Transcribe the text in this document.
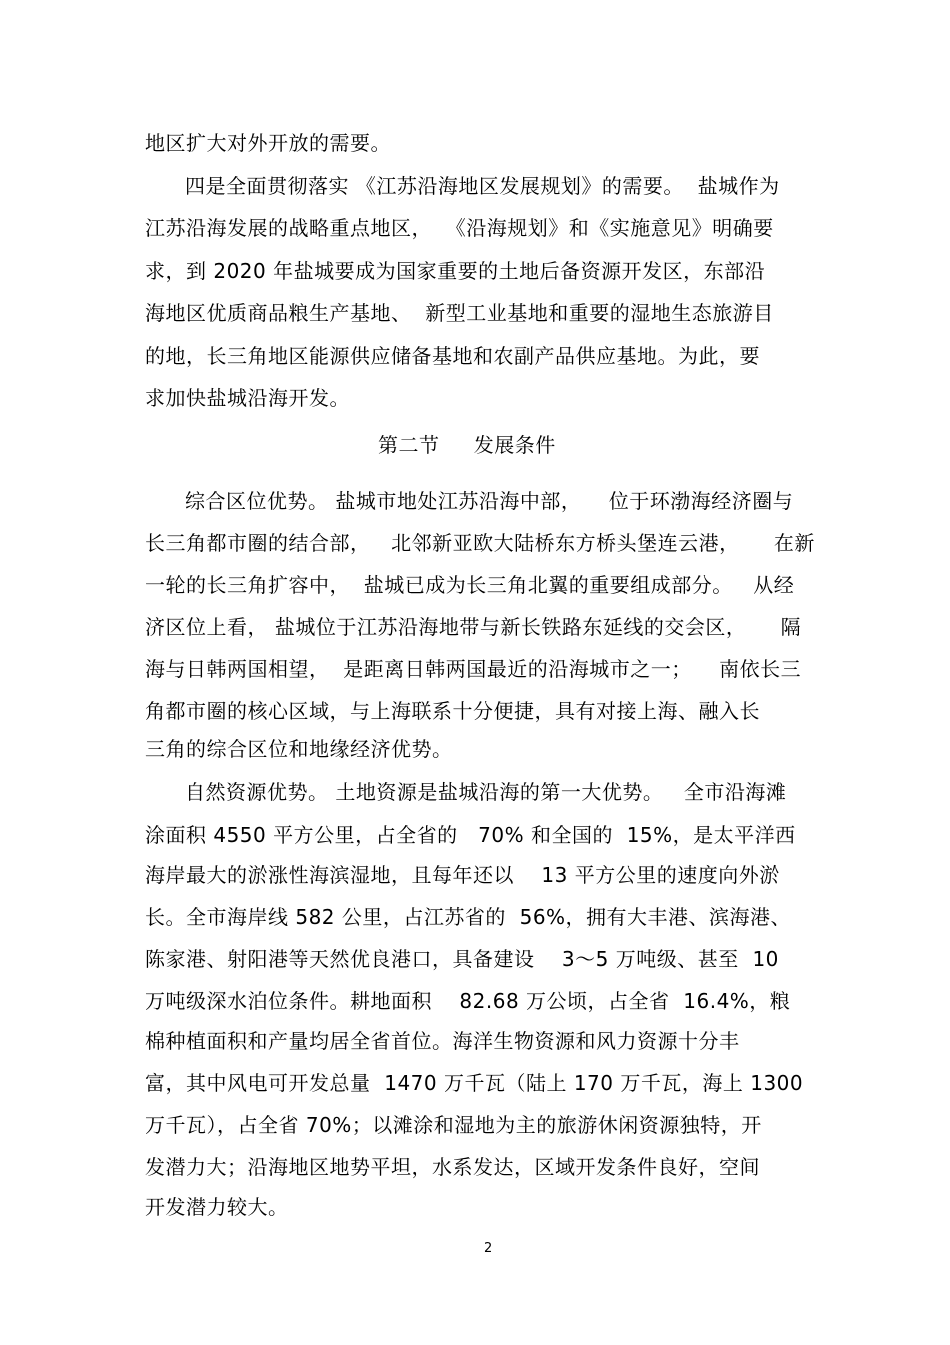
地区扩大对外开放的需要。
四是全面贯彻落实 《江苏沿海地区发展规划》的需要。  盐城作为
江苏沿海发展的战略重点地区，  《沿海规划》和《实施意见》明确要
求，到 2020 年盐城要成为国家重要的土地后备资源开发区，东部沿
海地区优质商品粮生产基地、  新型工业基地和重要的湿地生态旅游目
的地，长三角地区能源供应储备基地和农副产品供应基地。为此，要
求加快盐城沿海开发。
第二节     发展条件
综合区位优势。 盐城市地处江苏沿海中部，    位于环渤海经济圈与
长三角都市圈的结合部，   北邻新亚欧大陆桥东方桥头堡连云港，     在新
一轮的长三角扩容中，  盐城已成为长三角北翼的重要组成部分。   从经
济区位上看， 盐城位于江苏沿海地带与新长铁路东延线的交会区，     隔
海与日韩两国相望，  是距离日韩两国最近的沿海城市之一；    南依长三
角都市圈的核心区域，与上海联系十分便捷，具有对接上海、融入长
三角的综合区位和地缘经济优势。
自然资源优势。 土地资源是盐城沿海的第一大优势。   全市沿海滩
涂面积 4550 平方公里，占全省的   70% 和全国的  15%，是太平洋西
海岸最大的淤涨性海滨湿地，且每年还以    13 平方公里的速度向外淤
长。全市海岸线 582 公里，占江苏省的  56%，拥有大丰港、滨海港、
陈家港、射阳港等天然优良港口，具备建设    3～5 万吨级、甚至  10
万吨级深水泊位条件。耕地面积    82.68 万公顷，占全省  16.4%，粮
棉种植面积和产量均居全省首位。海洋生物资源和风力资源十分丰
富，其中风电可开发总量  1470 万千瓦（陆上 170 万千瓦，海上 1300
万千瓦），占全省 70%；以滩涂和湿地为主的旅游休闲资源独特，开
发潜力大；沿海地区地势平坦，水系发达，区域开发条件良好，空间
开发潜力较大。
2
